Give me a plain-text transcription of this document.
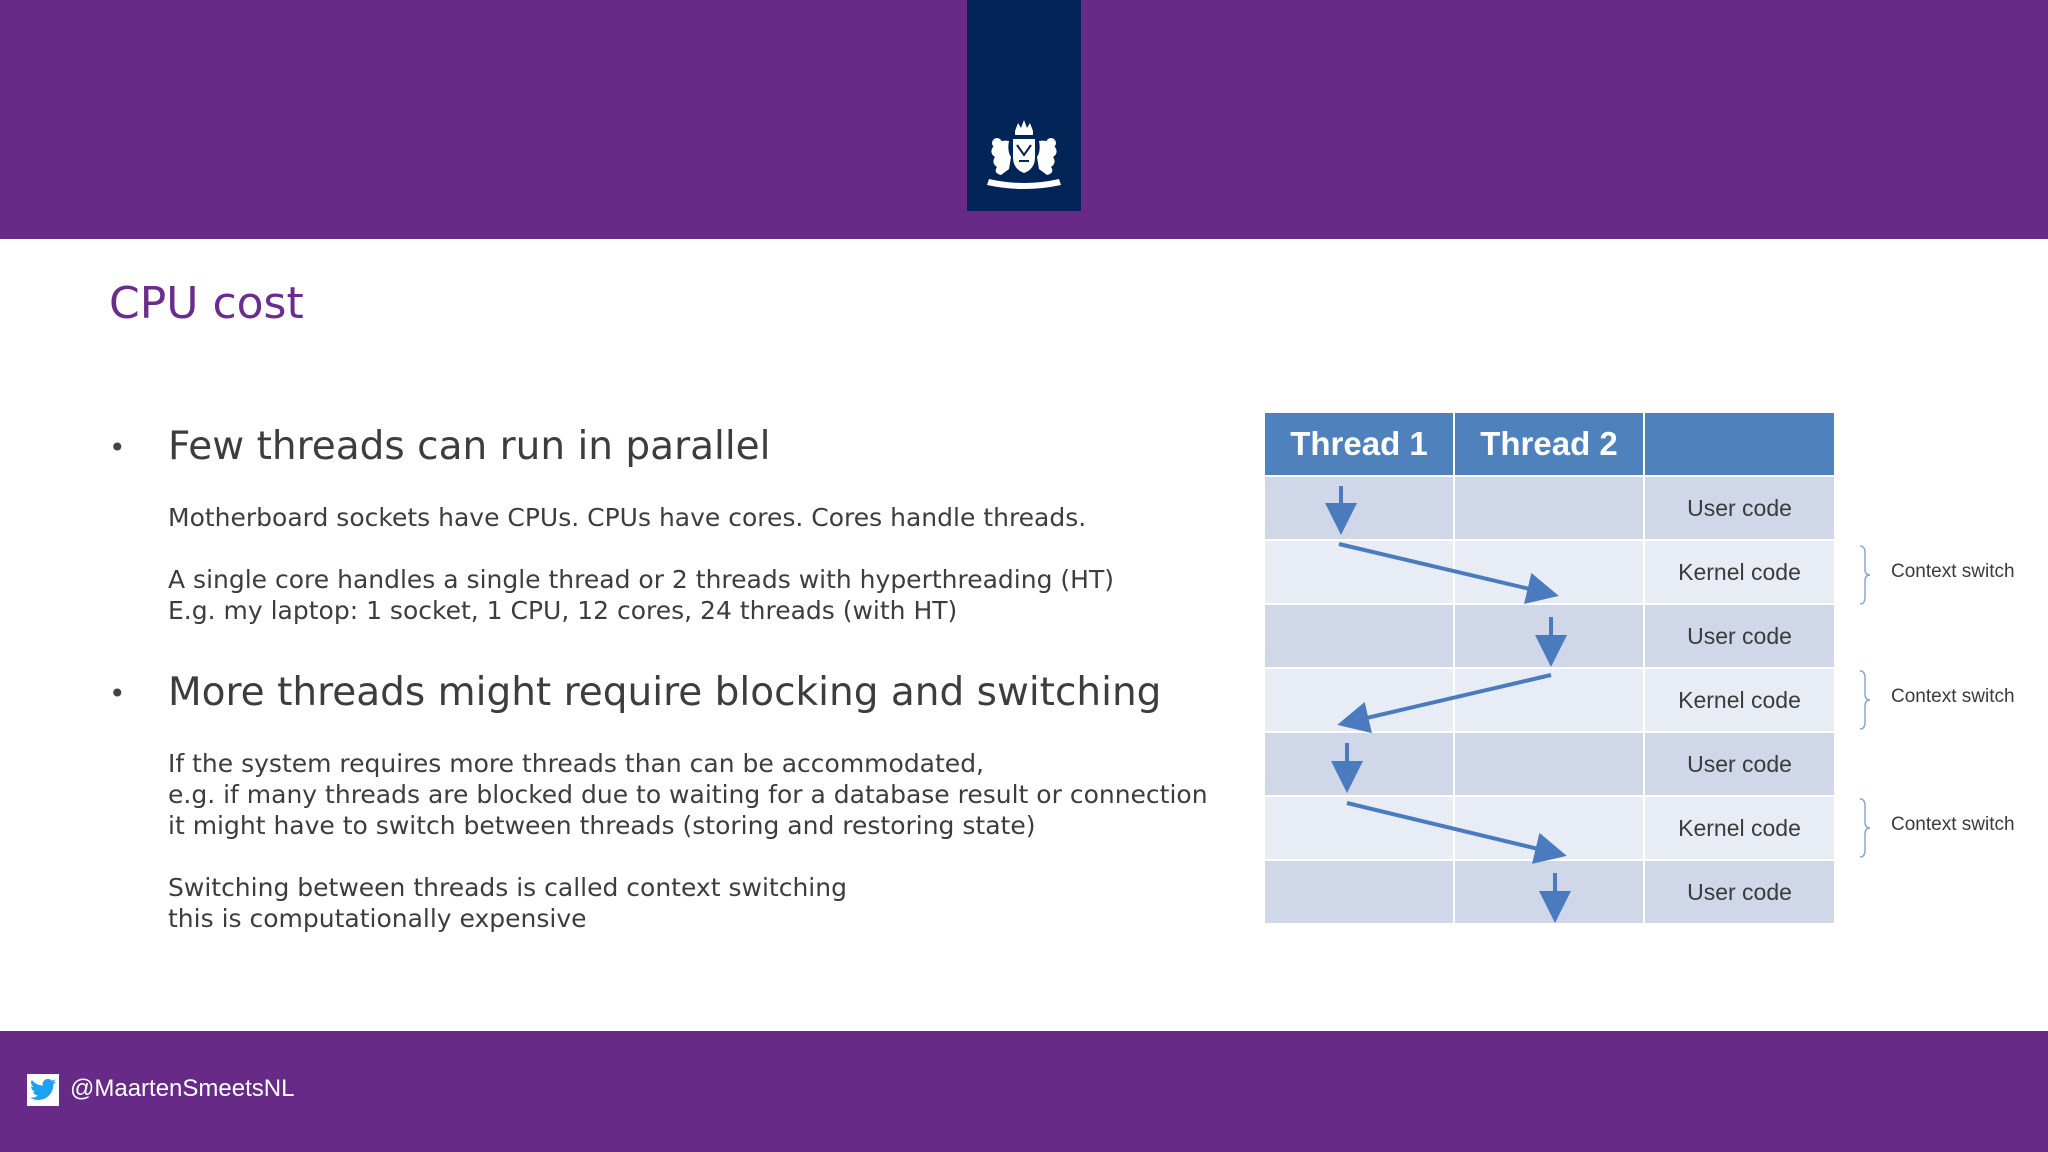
CPU cost
• Few threads can run in parallel
Motherboard sockets have CPUs. CPUs have cores. Cores handle threads.
A single core handles a single thread or 2 threads with hyperthreading (HT)
E.g. my laptop: 1 socket, 1 CPU, 12 cores, 24 threads (with HT)
• More threads might require blocking and switching
If the system requires more threads than can be accommodated,
e.g. if many threads are blocked due to waiting for a database result or connection
it might have to switch between threads (storing and restoring state)
Switching between threads is called context switching
this is computationally expensive
Thread 1	Thread 2
User code
Kernel code
User code
Kernel code
User code
Kernel code
User code
Context switch
Context switch
Context switch
@MaartenSmeetsNL
